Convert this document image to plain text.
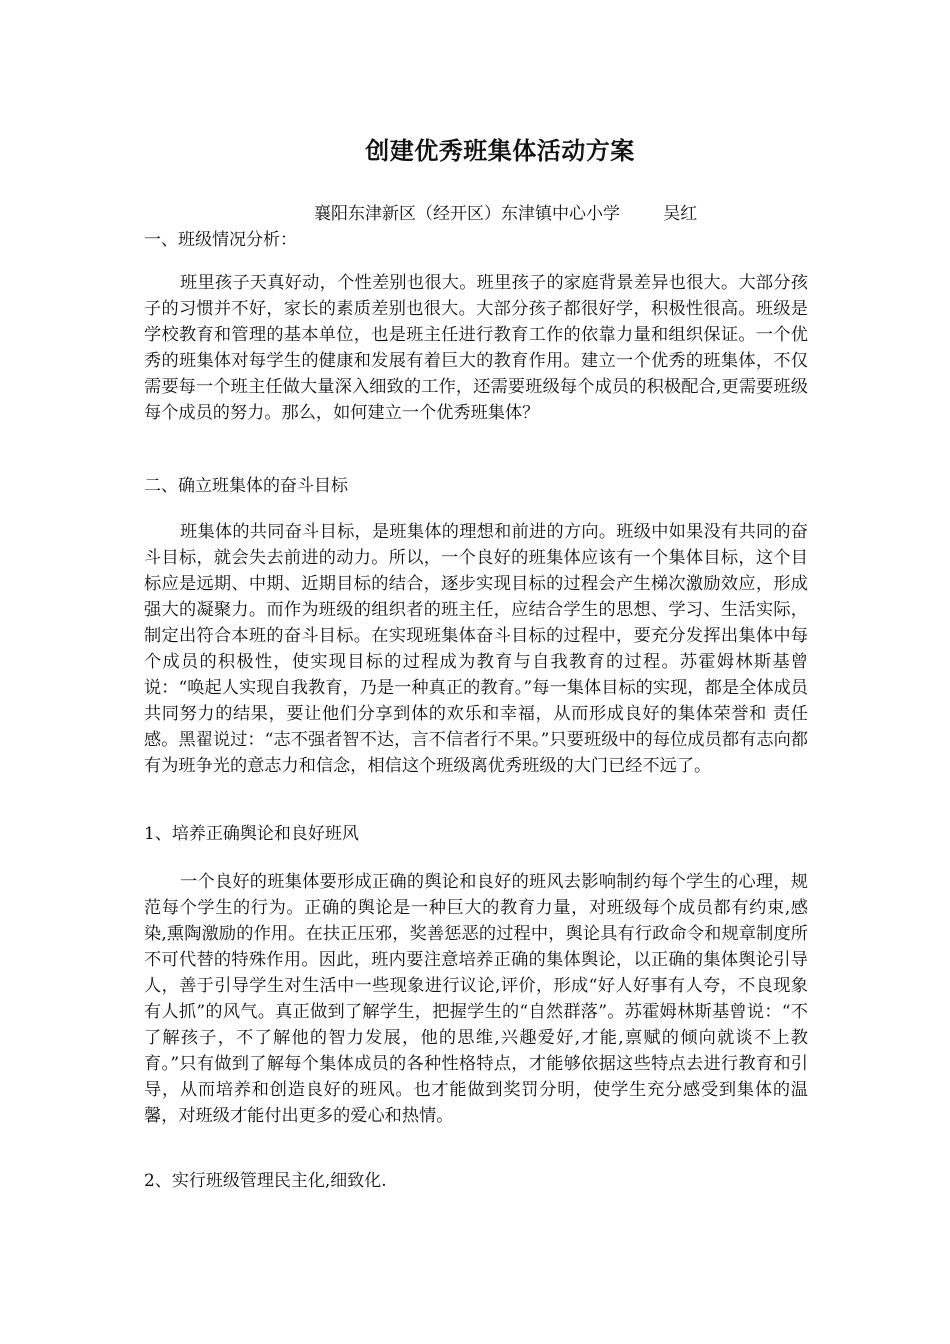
创建优秀班集体活动方案
襄阳东津新区（经开区）东津镇中心小学        吴红
一、班级情况分析：

班里孩子天真好动，个性差别也很大。班里孩子的家庭背景差异也很大。大部分孩子的习惯并不好，家长的素质差别也很大。大部分孩子都很好学，积极性很高。班级是学校教育和管理的基本单位，也是班主任进行教育工作的依靠力量和组织保证。一个优秀的班集体对每学生的健康和发展有着巨大的教育作用。建立一个优秀的班集体，不仅需要每一个班主任做大量深入细致的工作，还需要班级每个成员的积极配合,更需要班级每个成员的努力。那么，如何建立一个优秀班集体？

二、确立班集体的奋斗目标

班集体的共同奋斗目标，是班集体的理想和前进的方向。班级中如果没有共同的奋斗目标，就会失去前进的动力。所以，一个良好的班集体应该有一个集体目标，这个目标应是远期、中期、近期目标的结合，逐步实现目标的过程会产生梯次激励效应，形成强大的凝聚力。而作为班级的组织者的班主任，应结合学生的思想、学习、生活实际，制定出符合本班的奋斗目标。在实现班集体奋斗目标的过程中，要充分发挥出集体中每个成员的积极性，使实现目标的过程成为教育与自我教育的过程。苏霍姆林斯基曾说：“唤起人实现自我教育，乃是一种真正的教育。”每一集体目标的实现，都是全体成员共同努力的结果，要让他们分享到体的欢乐和幸福，从而形成良好的集体荣誉和 责任感。黑翟说过：“志不强者智不达，言不信者行不果。”只要班级中的每位成员都有志向都有为班争光的意志力和信念，相信这个班级离优秀班级的大门已经不远了。

1、培养正确舆论和良好班风

一个良好的班集体要形成正确的舆论和良好的班风去影响制约每个学生的心理，规范每个学生的行为。正确的舆论是一种巨大的教育力量，对班级每个成员都有约束,感染,熏陶激励的作用。在扶正压邪，奖善惩恶的过程中，舆论具有行政命令和规章制度所不可代替的特殊作用。因此，班内要注意培养正确的集体舆论，以正确的集体舆论引导人，善于引导学生对生活中一些现象进行议论,评价，形成“好人好事有人夸，不良现象有人抓”的风气。真正做到了解学生，把握学生的“自然群落”。苏霍姆林斯基曾说：“不了解孩子，不了解他的智力发展，他的思维,兴趣爱好,才能,禀赋的倾向就谈不上教育。”只有做到了解每个集体成员的各种性格特点，才能够依据这些特点去进行教育和引导，从而培养和创造良好的班风。也才能做到奖罚分明，使学生充分感受到集体的温馨，对班级才能付出更多的爱心和热情。

2、实行班级管理民主化,细致化.
